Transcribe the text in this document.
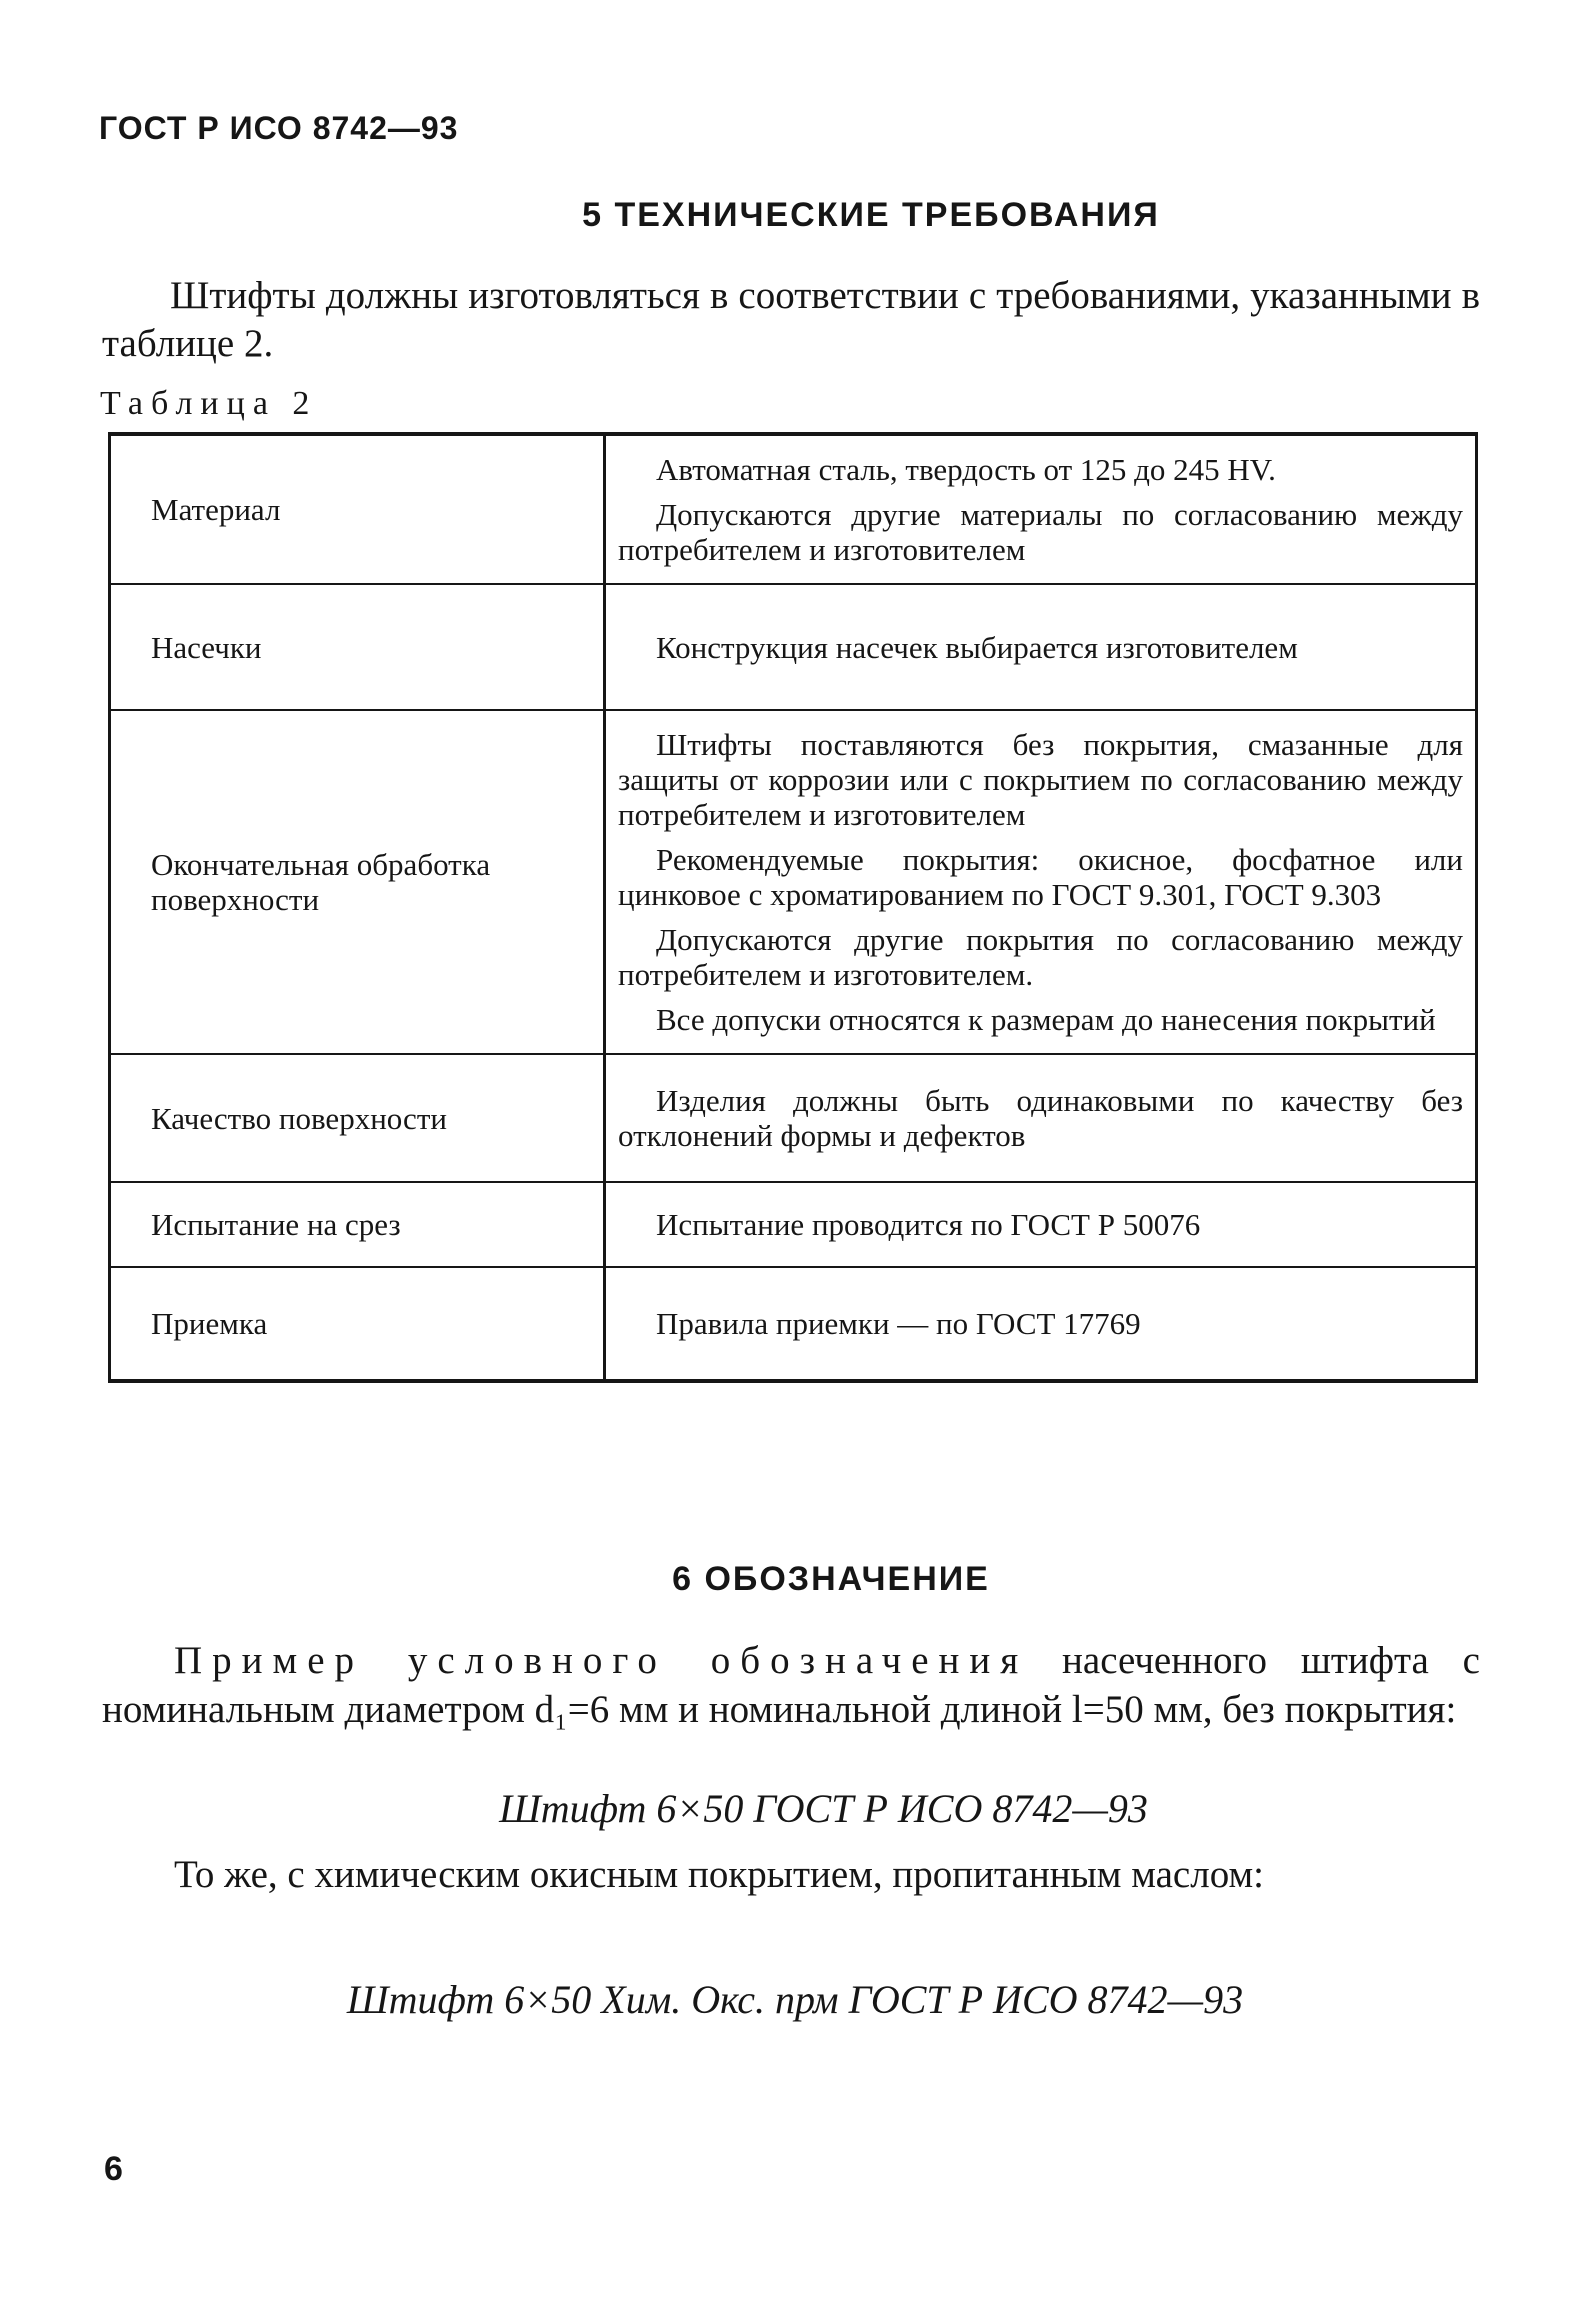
ГОСТ Р ИСО 8742—93
5 ТЕХНИЧЕСКИЕ ТРЕБОВАНИЯ
Штифты должны изготовляться в соответствии с требованиями, указанными в таблице 2.
Таблица 2
Материал	Автоматная сталь, твердость от 125 до 245 HV.
Допускаются другие материалы по согласованию между потребителем и изготовителем

Насечки	Конструкция насечек выбирается изготовителем

Окончательная обработка поверхности	Штифты поставляются без покрытия, смазанные для защиты от коррозии или с покрытием по согласованию между потребителем и изготовителем
Рекомендуемые покрытия: окисное, фосфатное или цинковое с хроматированием по ГОСТ 9.301, ГОСТ 9.303
Допускаются другие покрытия по согласованию между потребителем и изготовителем.
Все допуски относятся к размерам до нанесения покрытий

Качество поверхности	Изделия должны быть одинаковыми по качеству без отклонений формы и дефектов

Испытание на срез	Испытание проводится по ГОСТ Р 50076

Приемка	Правила приемки — по ГОСТ 17769
6 ОБОЗНАЧЕНИЕ
Пример условного обозначения насеченного штифта с номинальным диаметром d₁=6 мм и номинальной длиной l=50 мм, без покрытия:
Штифт 6×50 ГОСТ Р ИСО 8742—93
То же, с химическим окисным покрытием, пропитанным маслом:
Штифт 6×50 Хим. Окс. прм ГОСТ Р ИСО 8742—93
6
